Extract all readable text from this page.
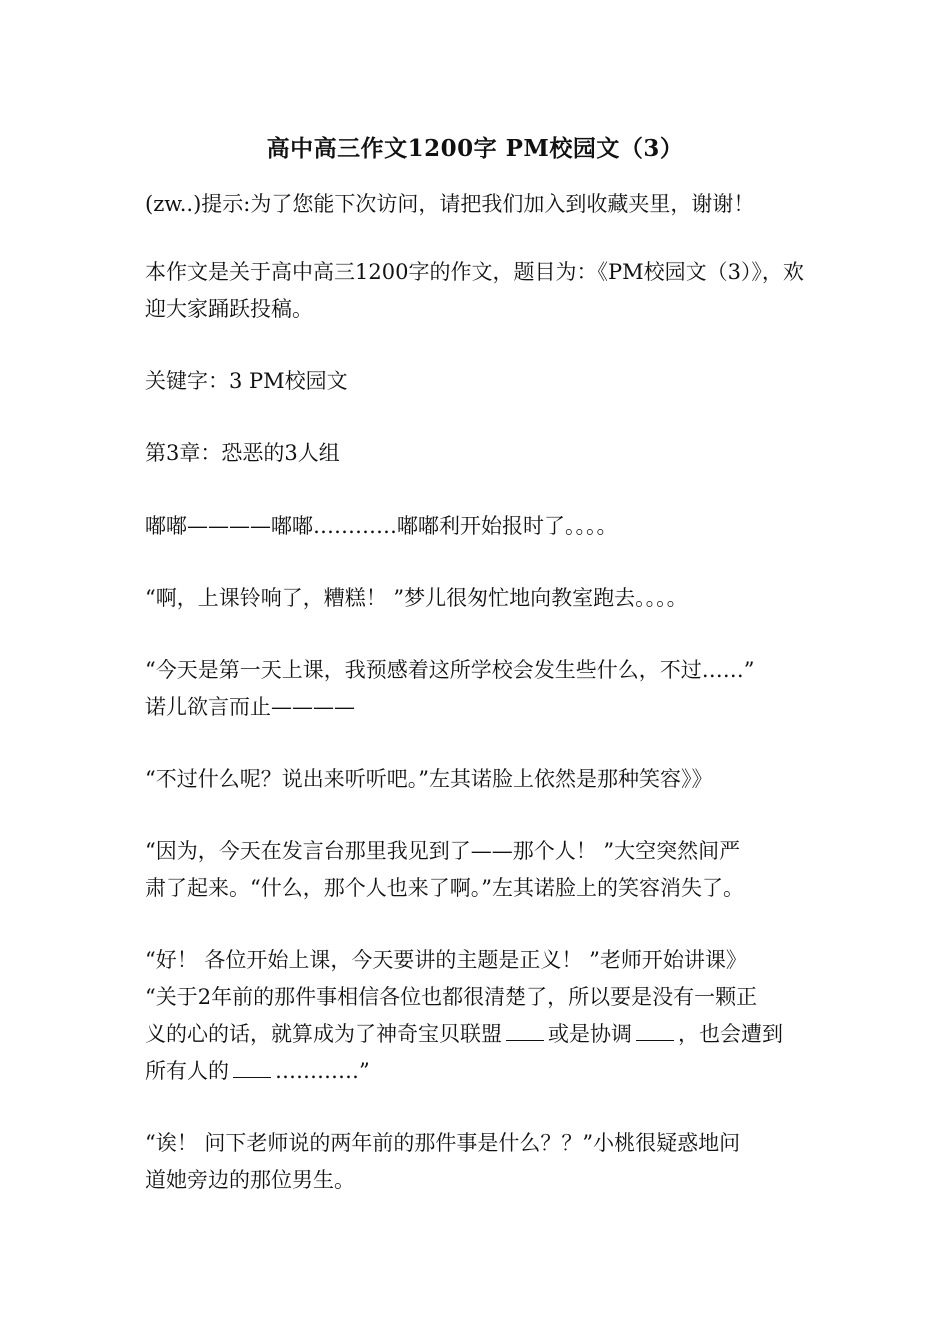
高中高三作文1200字 PM校园文（3）

(zw..)提示:为了您能下次访问，请把我们加入到收藏夹里，谢谢！

本作文是关于高中高三1200字的作文，题目为：《PM校园文（3）》，欢
迎大家踊跃投稿。

关键字：3 PM校园文

第3章：恐恶的3人组

嘟嘟————嘟嘟…………嘟嘟利开始报时了。。。。

“啊，上课铃响了，糟糕！ ”梦儿很匆忙地向教室跑去。。。。

“今天是第一天上课，我预感着这所学校会发生些什么，不过……”
诺儿欲言而止————

“不过什么呢？说出来听听吧。”左其诺脸上依然是那种笑容》》

“因为，今天在发言台那里我见到了——那个人！ ”大空突然间严
肃了起来。“什么，那个人也来了啊。”左其诺脸上的笑容消失了。

“好！ 各位开始上课，今天要讲的主题是正义！ ”老师开始讲课》
“关于2年前的那件事相信各位也都很清楚了，所以要是没有一颗正
义的心的话，就算成为了神奇宝贝联盟 或是协调 ，也会遭到
所有人的 …………”

“诶！ 问下老师说的两年前的那件事是什么？？”小桃很疑惑地问
道她旁边的那位男生。
